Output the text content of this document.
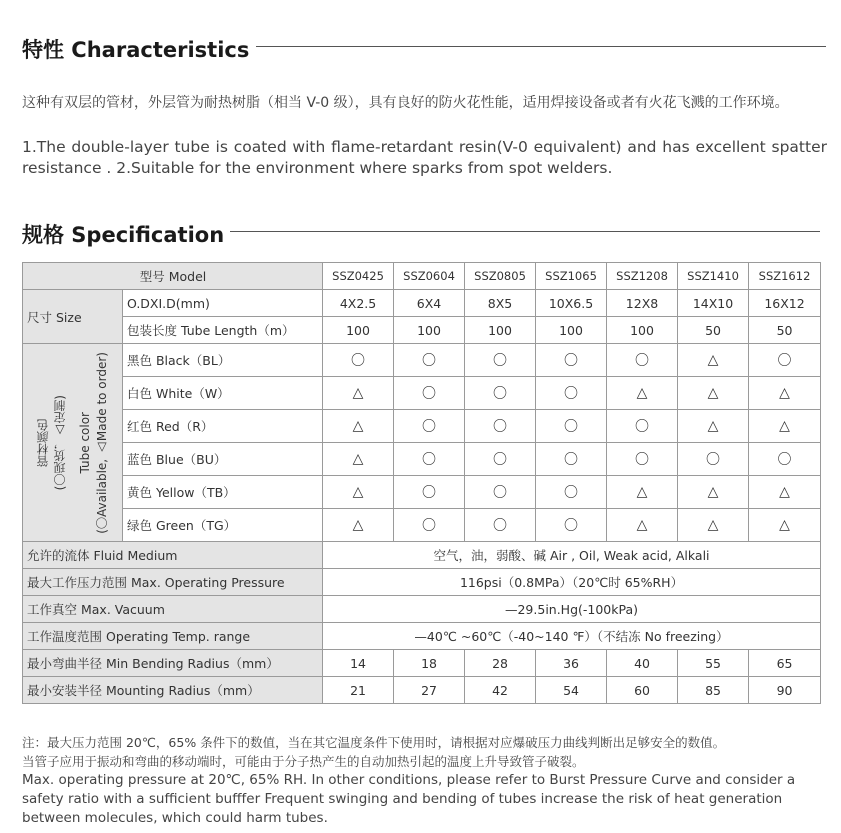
特性 Characteristics
这种有双层的管材，外层管为耐热树脂（相当 V-0 级），具有良好的防火花性能，适用焊接设备或者有火花飞溅的工作环境。
1.The double-layer tube is coated with flame-retardant resin(V-0 equivalent) and has excellent spatter resistance . 2.Suitable for the environment where sparks from spot welders.
规格 Specification
型号 Model		SSZ0425	SSZ0604	SSZ0805	SSZ1065	SSZ1208	SSZ1410	SSZ1612
尺寸 Size	O.DXI.D(mm)	4X2.5	6X4	8X5	10X6.5	12X8	14X10	16X12
	包装长度 Tube Length（m）	100	100	100	100	100	50	50

管材颜色 (〇现货，△定制) Tube color (〇Available, △Made to order)	黑色 Black（BL）	〇	〇	〇	〇	〇	△	〇
	白色 White（W）	△	〇	〇	〇	△	△	△
	红色 Red（R）	△	〇	〇	〇	〇	△	△
	蓝色 Blue（BU）	△	〇	〇	〇	〇	〇	〇
	黄色 Yellow（TB）	△	〇	〇	〇	△	△	△
	绿色 Green（TG）	△	〇	〇	〇	△	△	△
允许的流体 Fluid Medium		空气，油，弱酸、碱 Air , Oil, Weak acid, Alkali						
最大工作压力范围 Max. Operating Pressure		116psi（0.8MPa）（20℃时 65%RH）						
工作真空 Max. Vacuum		—29.5in.Hg(-100kPa)						
工作温度范围 Operating Temp. range		—40℃ ~60℃（-40~140 ℉）（不结冻 No freezing）						
最小弯曲半径 Min Bending Radius（mm）		14	18	28	36	40	55	65
最小安装半径 Mounting Radius（mm）		21	27	42	54	60	85	90
注：最大压力范围 20℃，65% 条件下的数值，当在其它温度条件下使用时，请根据对应爆破压力曲线判断出足够安全的数值。
当管子应用于振动和弯曲的移动端时，可能由于分子热产生的自动加热引起的温度上升导致管子破裂。
Max. operating pressure at 20℃, 65% RH. In other conditions, please refer to Burst Pressure Curve and consider a
safety ratio with a sufficient bufffer Frequent swinging and bending of tubes increase the risk of heat generation
between molecules, which could harm tubes.
